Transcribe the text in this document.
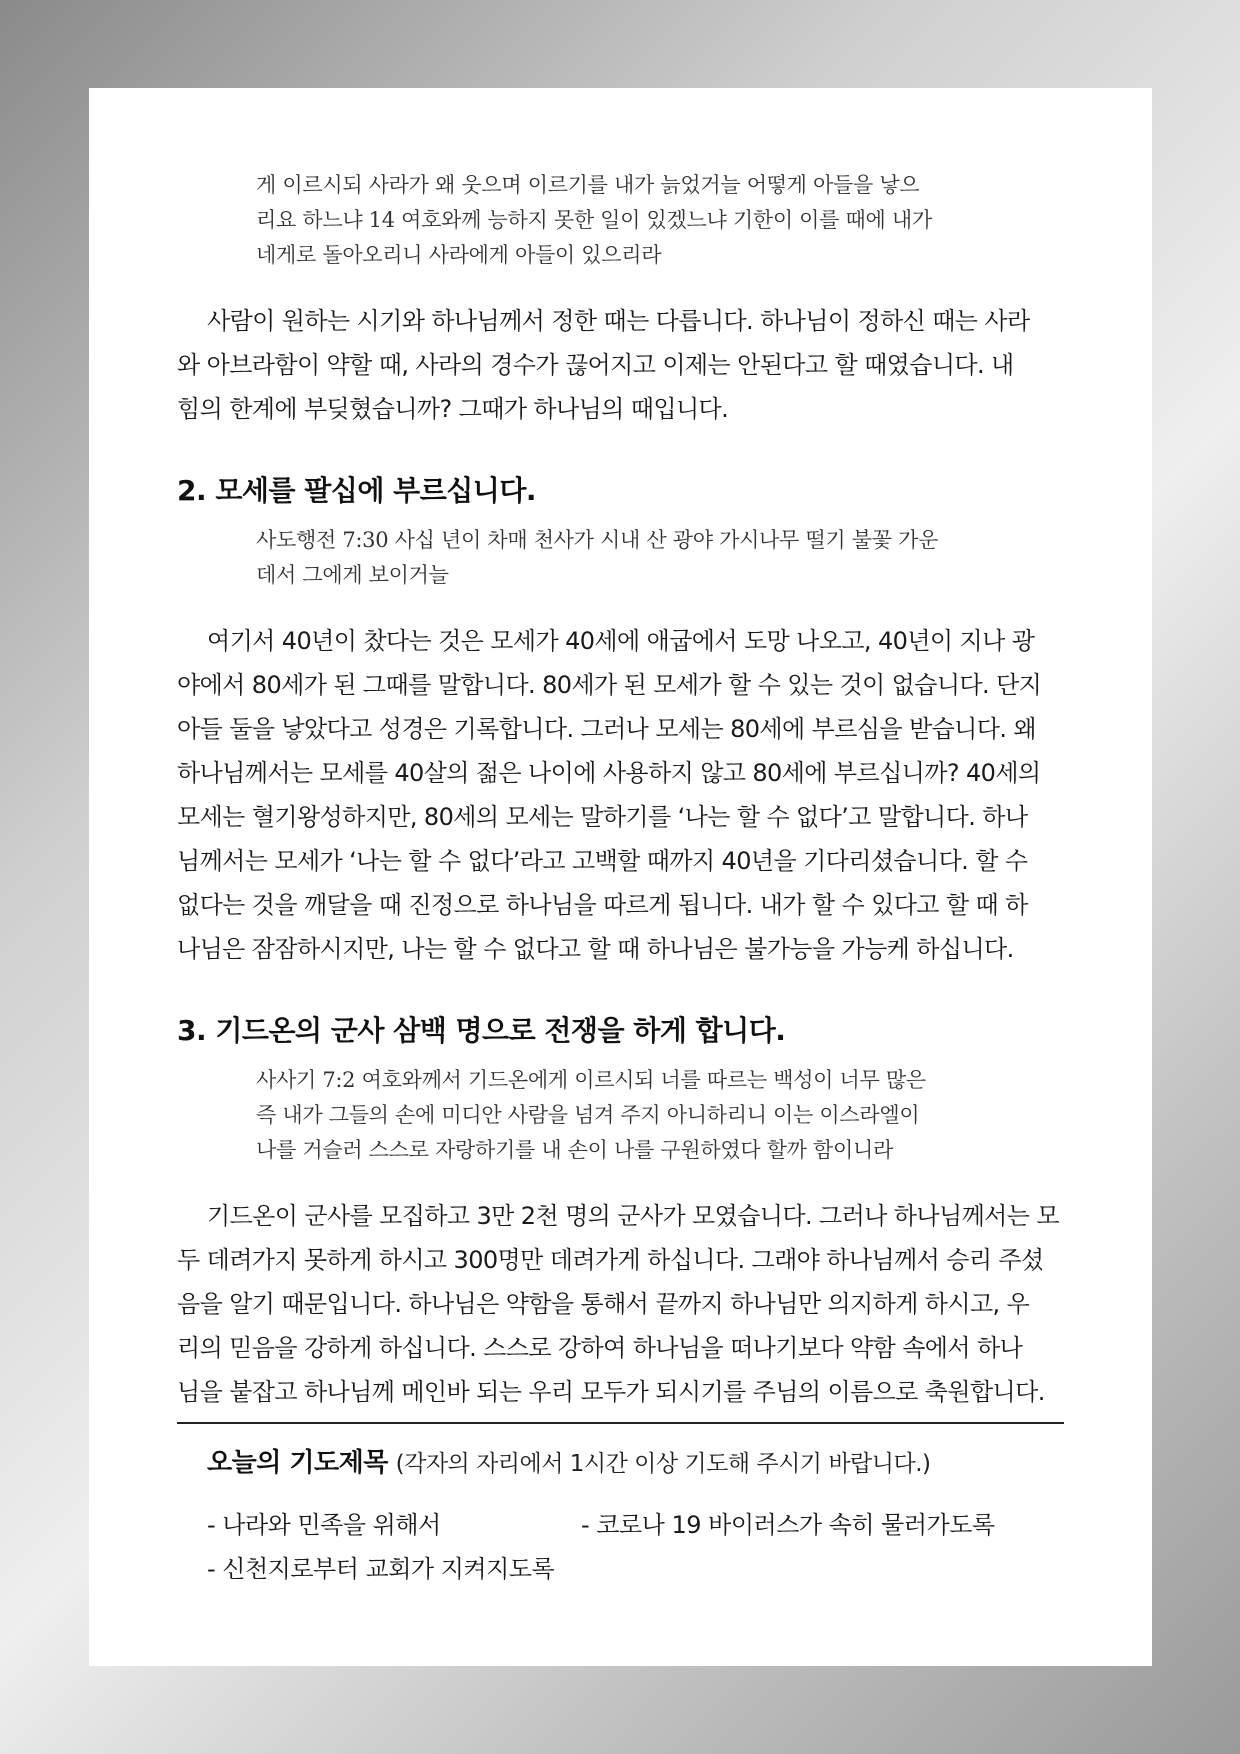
게 이르시되 사라가 왜 웃으며 이르기를 내가 늙었거늘 어떻게 아들을 낳으

리요 하느냐 14 여호와께 능하지 못한 일이 있겠느냐 기한이 이를 때에 내가

네게로 돌아오리니 사라에게 아들이 있으리라

사람이 원하는 시기와 하나님께서 정한 때는 다릅니다. 하나님이 정하신 때는 사라

와 아브라함이 약할 때, 사라의 경수가 끊어지고 이제는 안된다고 할 때였습니다. 내

힘의 한계에 부딪혔습니까? 그때가 하나님의 때입니다.

2. 모세를 팔십에 부르십니다.

사도행전 7:30 사십 년이 차매 천사가 시내 산 광야 가시나무 떨기 불꽃 가운

데서 그에게 보이거늘

여기서 40년이 찼다는 것은 모세가 40세에 애굽에서 도망 나오고, 40년이 지나 광

야에서 80세가 된 그때를 말합니다. 80세가 된 모세가 할 수 있는 것이 없습니다. 단지

아들 둘을 낳았다고 성경은 기록합니다. 그러나 모세는 80세에 부르심을 받습니다. 왜

하나님께서는 모세를 40살의 젊은 나이에 사용하지 않고 80세에 부르십니까? 40세의

모세는 혈기왕성하지만, 80세의 모세는 말하기를 ‘나는 할 수 없다’고 말합니다. 하나

님께서는 모세가 ‘나는 할 수 없다’라고 고백할 때까지 40년을 기다리셨습니다. 할 수

없다는 것을 깨달을 때 진정으로 하나님을 따르게 됩니다. 내가 할 수 있다고 할 때 하

나님은 잠잠하시지만, 나는 할 수 없다고 할 때 하나님은 불가능을 가능케 하십니다.

3. 기드온의 군사 삼백 명으로 전쟁을 하게 합니다.

사사기 7:2 여호와께서 기드온에게 이르시되 너를 따르는 백성이 너무 많은

즉 내가 그들의 손에 미디안 사람을 넘겨 주지 아니하리니 이는 이스라엘이

나를 거슬러 스스로 자랑하기를 내 손이 나를 구원하였다 할까 함이니라

기드온이 군사를 모집하고 3만 2천 명의 군사가 모였습니다. 그러나 하나님께서는 모

두 데려가지 못하게 하시고 300명만 데려가게 하십니다. 그래야 하나님께서 승리 주셨

음을 알기 때문입니다. 하나님은 약함을 통해서 끝까지 하나님만 의지하게 하시고, 우

리의 믿음을 강하게 하십니다. 스스로 강하여 하나님을 떠나기보다 약함 속에서 하나

님을 붙잡고 하나님께 메인바 되는 우리 모두가 되시기를 주님의 이름으로 축원합니다.

오늘의 기도제목 (각자의 자리에서 1시간 이상 기도해 주시기 바랍니다.)
- 나라와 민족을 위해서	- 코로나 19 바이러스가 속히 물러가도록
- 신천지로부터 교회가 지켜지도록
